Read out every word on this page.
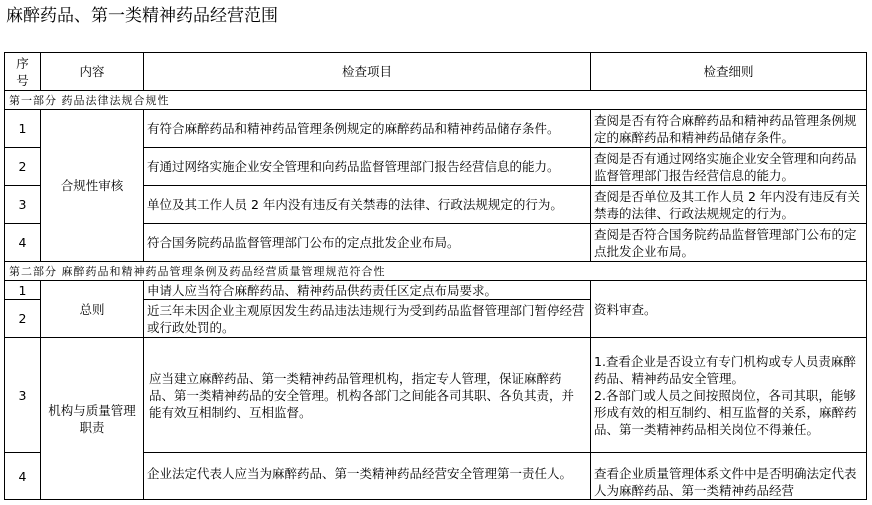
麻醉药品、第一类精神药品经营范围
序号	内容	检查项目	检查细则
第一部分 药品法律法规合规性			
1	合规性审核	有符合麻醉药品和精神药品管理条例规定的麻醉药品和精神药品储存条件。	查阅是否有符合麻醉药品和精神药品管理条例规定的麻醉药品和精神药品储存条件。
2		有通过网络实施企业安全管理和向药品监督管理部门报告经营信息的能力。	查阅是否有通过网络实施企业安全管理和向药品监督管理部门报告经营信息的能力。
3		单位及其工作人员 2 年内没有违反有关禁毒的法律、行政法规规定的行为。	查阅是否单位及其工作人员 2 年内没有违反有关禁毒的法律、行政法规规定的行为。
4		符合国务院药品监督管理部门公布的定点批发企业布局。	查阅是否符合国务院药品监督管理部门公布的定点批发企业布局。
第二部分 麻醉药品和精神药品管理条例及药品经营质量管理规范符合性			
1	总则	申请人应当符合麻醉药品、精神药品供药责任区定点布局要求。	资料审查。
2		近三年未因企业主观原因发生药品违法违规行为受到药品监督管理部门暂停经营或行政处罚的。	
3	机构与质量管理职责	应当建立麻醉药品、第一类精神药品管理机构，指定专人管理，保证麻醉药品、第一类精神药品的安全管理。机构各部门之间能各司其职、各负其责，并能有效互相制约、互相监督。	1.查看企业是否设立有专门机构或专人员责麻醉药品、精神药品安全管理。
2.各部门或人员之间按照岗位，各司其职，能够形成有效的相互制约、相互监督的关系，麻醉药品、第一类精神药品相关岗位不得兼任。

4		企业法定代表人应当为麻醉药品、第一类精神药品经营安全管理第一责任人。	查看企业质量管理体系文件中是否明确法定代表人为麻醉药品、第一类精神药品经营
